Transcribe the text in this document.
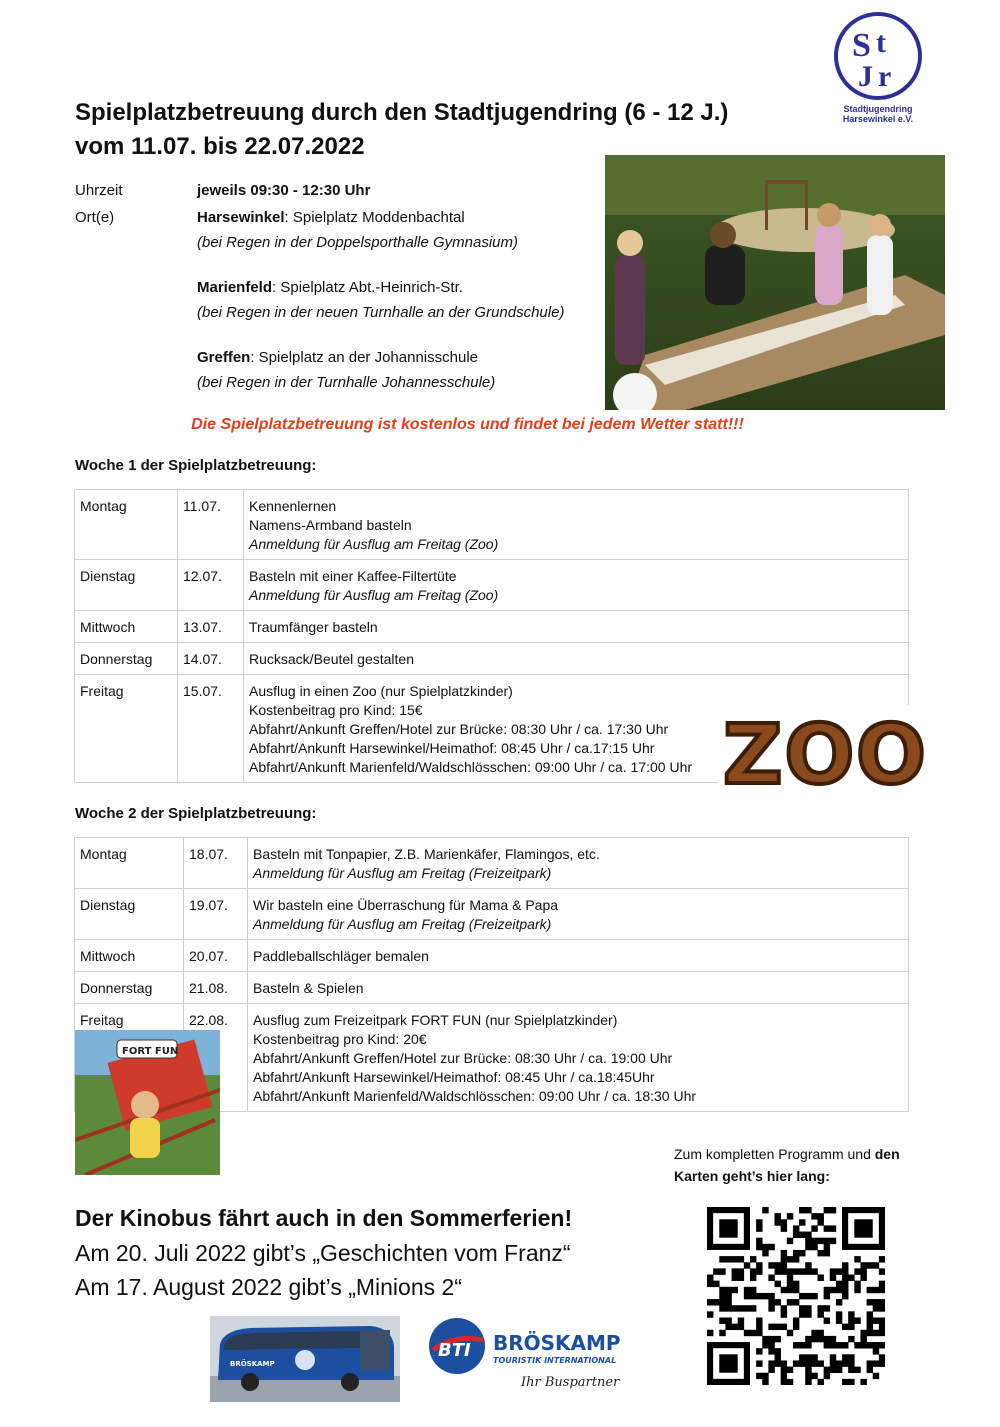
S t
J r
Stadtjugendring
Harsewinkel e.V.
Spielplatzbetreuung durch den Stadtjugendring (6 - 12 J.)
vom 11.07. bis 22.07.2022
Uhrzeit	jeweils 09:30 - 12:30 Uhr
Ort(e)	Harsewinkel: Spielplatz Moddenbachtal
(bei Regen in der Doppelsporthalle Gymnasium)
Marienfeld: Spielplatz Abt.-Heinrich-Str.
(bei Regen in der neuen Turnhalle an der Grundschule)
Greffen: Spielplatz an der Johannisschule
(bei Regen in der Turnhalle Johannesschule)
Die Spielplatzbetreuung ist kostenlos und findet bei jedem Wetter statt!!!
Woche 1 der Spielplatzbetreuung:
Montag	11.07.	Kennenlernen
Namens-Armband basteln
Anmeldung für Ausflug am Freitag (Zoo)

Dienstag	12.07.	Basteln mit einer Kaffee-Filtertüte
Anmeldung für Ausflug am Freitag (Zoo)

Mittwoch	13.07.	Traumfänger basteln

Donnerstag	14.07.	Rucksack/Beutel gestalten

Freitag	15.07.	Ausflug in einen Zoo (nur Spielplatzkinder)
Kostenbeitrag pro Kind: 15€
Abfahrt/Ankunft Greffen/Hotel zur Brücke: 08:30 Uhr / ca. 17:30 Uhr
Abfahrt/Ankunft Harsewinkel/Heimathof: 08:45 Uhr / ca.17:15 Uhr
Abfahrt/Ankunft Marienfeld/Waldschlösschen: 09:00 Uhr / ca. 17:00 Uhr ZOO
Woche 2 der Spielplatzbetreuung:
Montag	18.07.	Basteln mit Tonpapier, Z.B. Marienkäfer, Flamingos, etc.
Anmeldung für Ausflug am Freitag (Freizeitpark)

Dienstag	19.07.	Wir basteln eine Überraschung für Mama & Papa
Anmeldung für Ausflug am Freitag (Freizeitpark)

Mittwoch	20.07.	Paddleballschläger bemalen

Donnerstag	21.08.	Basteln & Spielen

Freitag	22.08.	Ausflug zum Freizeitpark FORT FUN (nur Spielplatzkinder)
Kostenbeitrag pro Kind: 20€
Abfahrt/Ankunft Greffen/Hotel zur Brücke: 08:30 Uhr / ca. 19:00 Uhr
Abfahrt/Ankunft Harsewinkel/Heimathof: 08:45 Uhr / ca.18:45Uhr
Abfahrt/Ankunft Marienfeld/Waldschlösschen: 09:00 Uhr / ca. 18:30 Uhr
FORT FUN
Zum kompletten Programm und den
Karten geht’s hier lang:
Der Kinobus fährt auch in den Sommerferien!
Am 20. Juli 2022 gibt’s „Geschichten vom Franz“
Am 17. August 2022 gibt’s „Minions 2“
BRÖSKAMP
BTI BRÖSKAMP
TOURISTIK INTERNATIONAL
Ihr Buspartner
